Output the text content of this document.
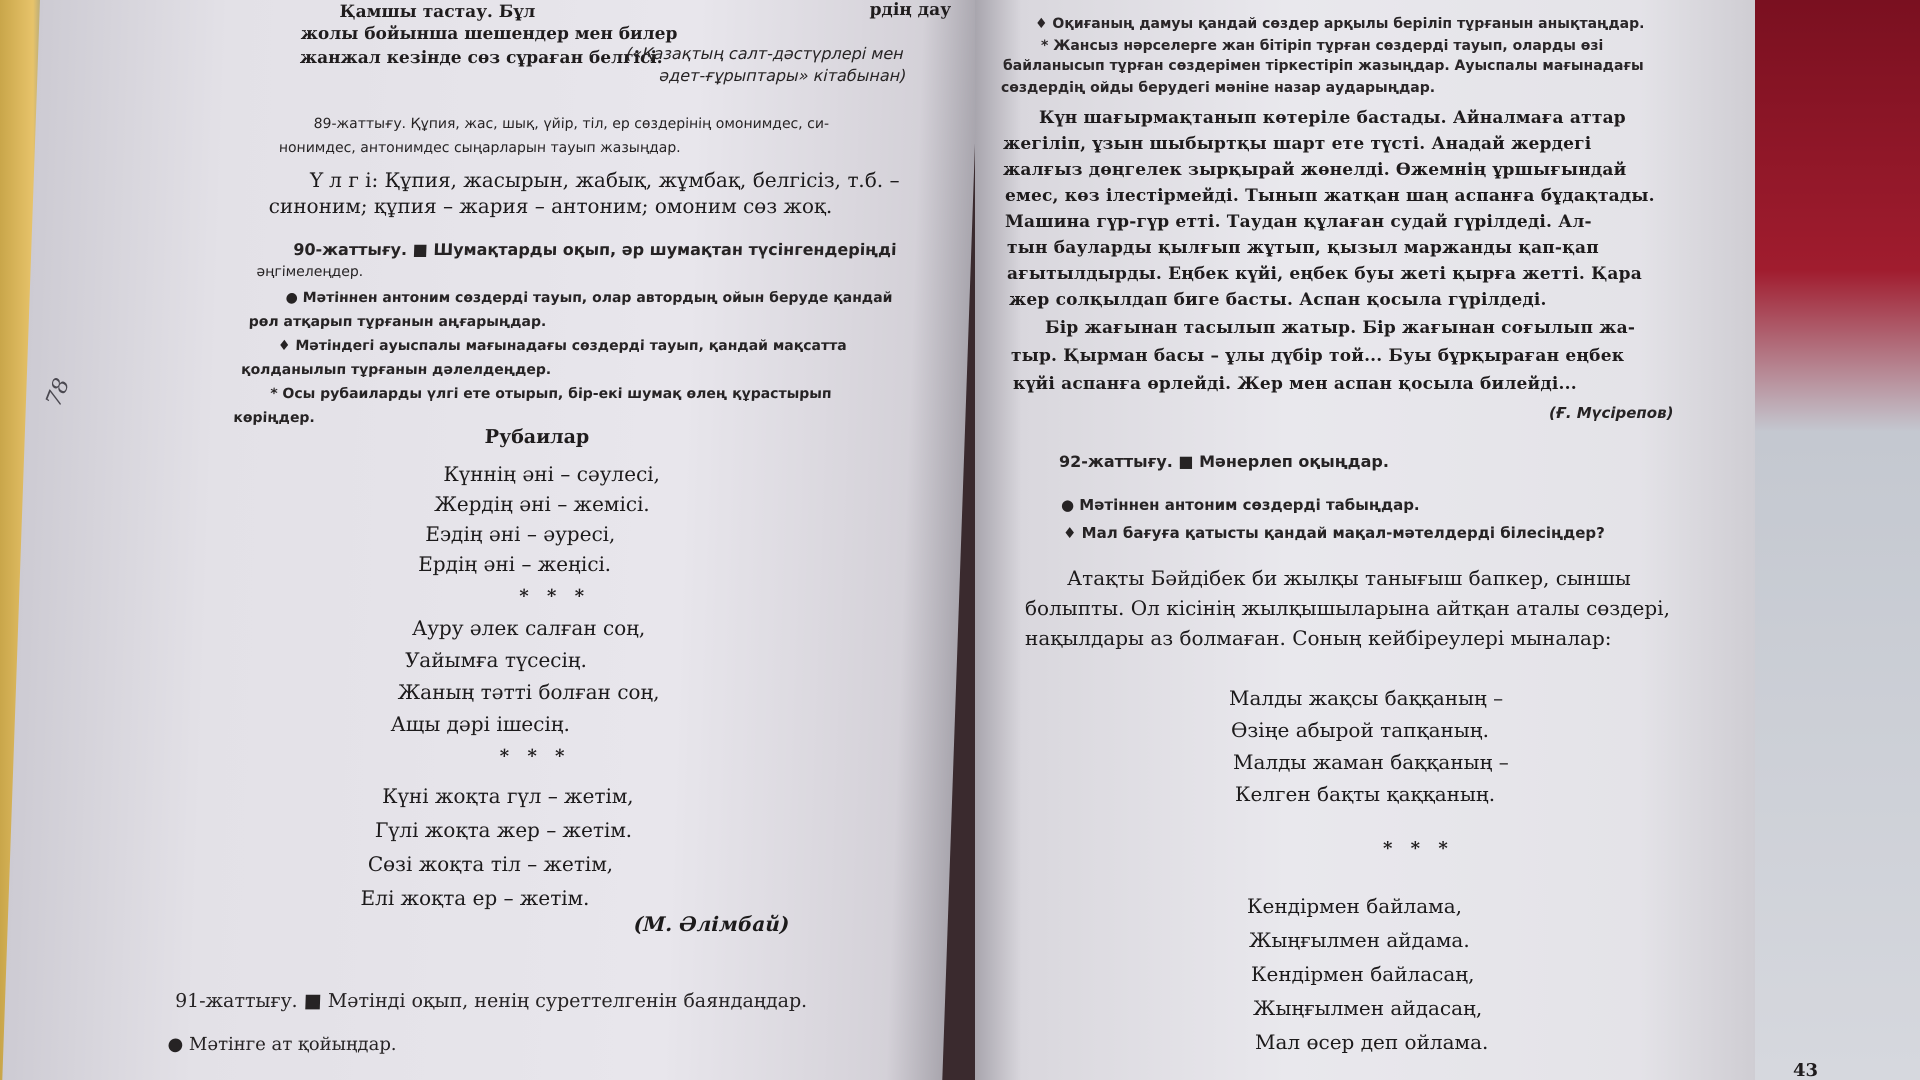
Қамшы тастау. Бұл
жолы бойынша шешендер мен билер
жанжал кезінде сөз сұраған белгісі.
рдің дау
(«Қазақтың салт-дәстүрлері мен
әдет-ғұрыптары» кітабынан)
89-жаттығу. Құпия, жас, шық, үйір, тіл, ер сөздерінің омонимдес, си-
нонимдес, антонимдес сыңарларын тауып жазыңдар.
Ү л г і: Құпия, жасырын, жабық, жұмбақ, белгісіз, т.б. –
синоним; құпия – жария – антоним; омоним сөз жоқ.
90-жаттығу. ■ Шумақтарды оқып, әр шумақтан түсінгендеріңді
әңгімелеңдер.
● Мәтіннен антоним сөздерді тауып, олар автордың ойын беруде қандай
рөл атқарып тұрғанын аңғарыңдар.
♦ Мәтіндегі ауыспалы мағынадағы сөздерді тауып, қандай мақсатта
қолданылып тұрғанын дәлелдеңдер.
* Осы рубаиларды үлгі ете отырып, бір-екі шумақ өлең құрастырып
көріңдер.
Рубаилар
Күннің әні – сәулесі,
Жердің әні – жемісі.
Еэдің әні – әуресі,
Ердің әні – жеңісі.
* * *
Ауру әлек салған соң,
Уайымға түсесің.
Жаның тәтті болған соң,
Ащы дәрі ішесің.
* * *
Күні жоқта гүл – жетім,
Гүлі жоқта жер – жетім.
Сөзі жоқта тіл – жетім,
Елі жоқта ер – жетім.
(М. Әлімбай)
91-жаттығу. ■ Мәтінді оқып, ненің суреттелгенін баяндаңдар.
● Мәтінге ат қойыңдар.
78
♦ Оқиғаның дамуы қандай сөздер арқылы беріліп тұрғанын анықтаңдар.
* Жансыз нәрселерге жан бітіріп тұрған сөздерді тауып, оларды өзі
байланысып тұрған сөздерімен тіркестіріп жазыңдар. Ауыспалы мағынадағы
сөздердің ойды берудегі мәніне назар аударыңдар.
Күн шағырмақтанып көтеріле бастады. Айналмаға аттар
жегіліп, ұзын шыбыртқы шарт ете түсті. Анадай жердегі
жалғыз дөңгелек зырқырай жөнелді. Өжемнің ұршығындай
емес, көз ілестірмейді. Тынып жатқан шаң аспанға бұдақтады.
Машина гүр-гүр етті. Таудан құлаған судай гүрілдеді. Ал-
тын бауларды қылғып жұтып, қызыл маржанды қап-қап
ағытылдырды. Еңбек күйі, еңбек буы жеті қырға жетті. Қара
жер солқылдап биге басты. Аспан қосыла гүрілдеді.
Бір жағынан тасылып жатыр. Бір жағынан соғылып жа-
тыр. Қырман басы – ұлы дүбір той... Буы бұрқыраған еңбек
күйі аспанға өрлейді. Жер мен аспан қосыла билейді...
(Ғ. Мүсірепов)
92-жаттығу. ■ Мәнерлеп оқыңдар.
● Мәтіннен антоним сөздерді табыңдар.
♦ Мал бағуға қатысты қандай мақал-мәтелдерді білесіңдер?
Атақты Бәйдібек би жылқы танығыш бапкер, сыншы
болыпты. Ол кісінің жылқышыларына айтқан аталы сөздері,
нақылдары аз болмаған. Соның кейбіреулері мыналар:
Малды жақсы баққаның –
Өзіңе абырой тапқаның.
Малды жаман баққаның –
Келген бақты қаққаның.
* * *
Кендірмен байлама,
Жыңғылмен айдама.
Кендірмен байласаң,
Жыңғылмен айдасаң,
Мал өсер деп ойлама.
43
